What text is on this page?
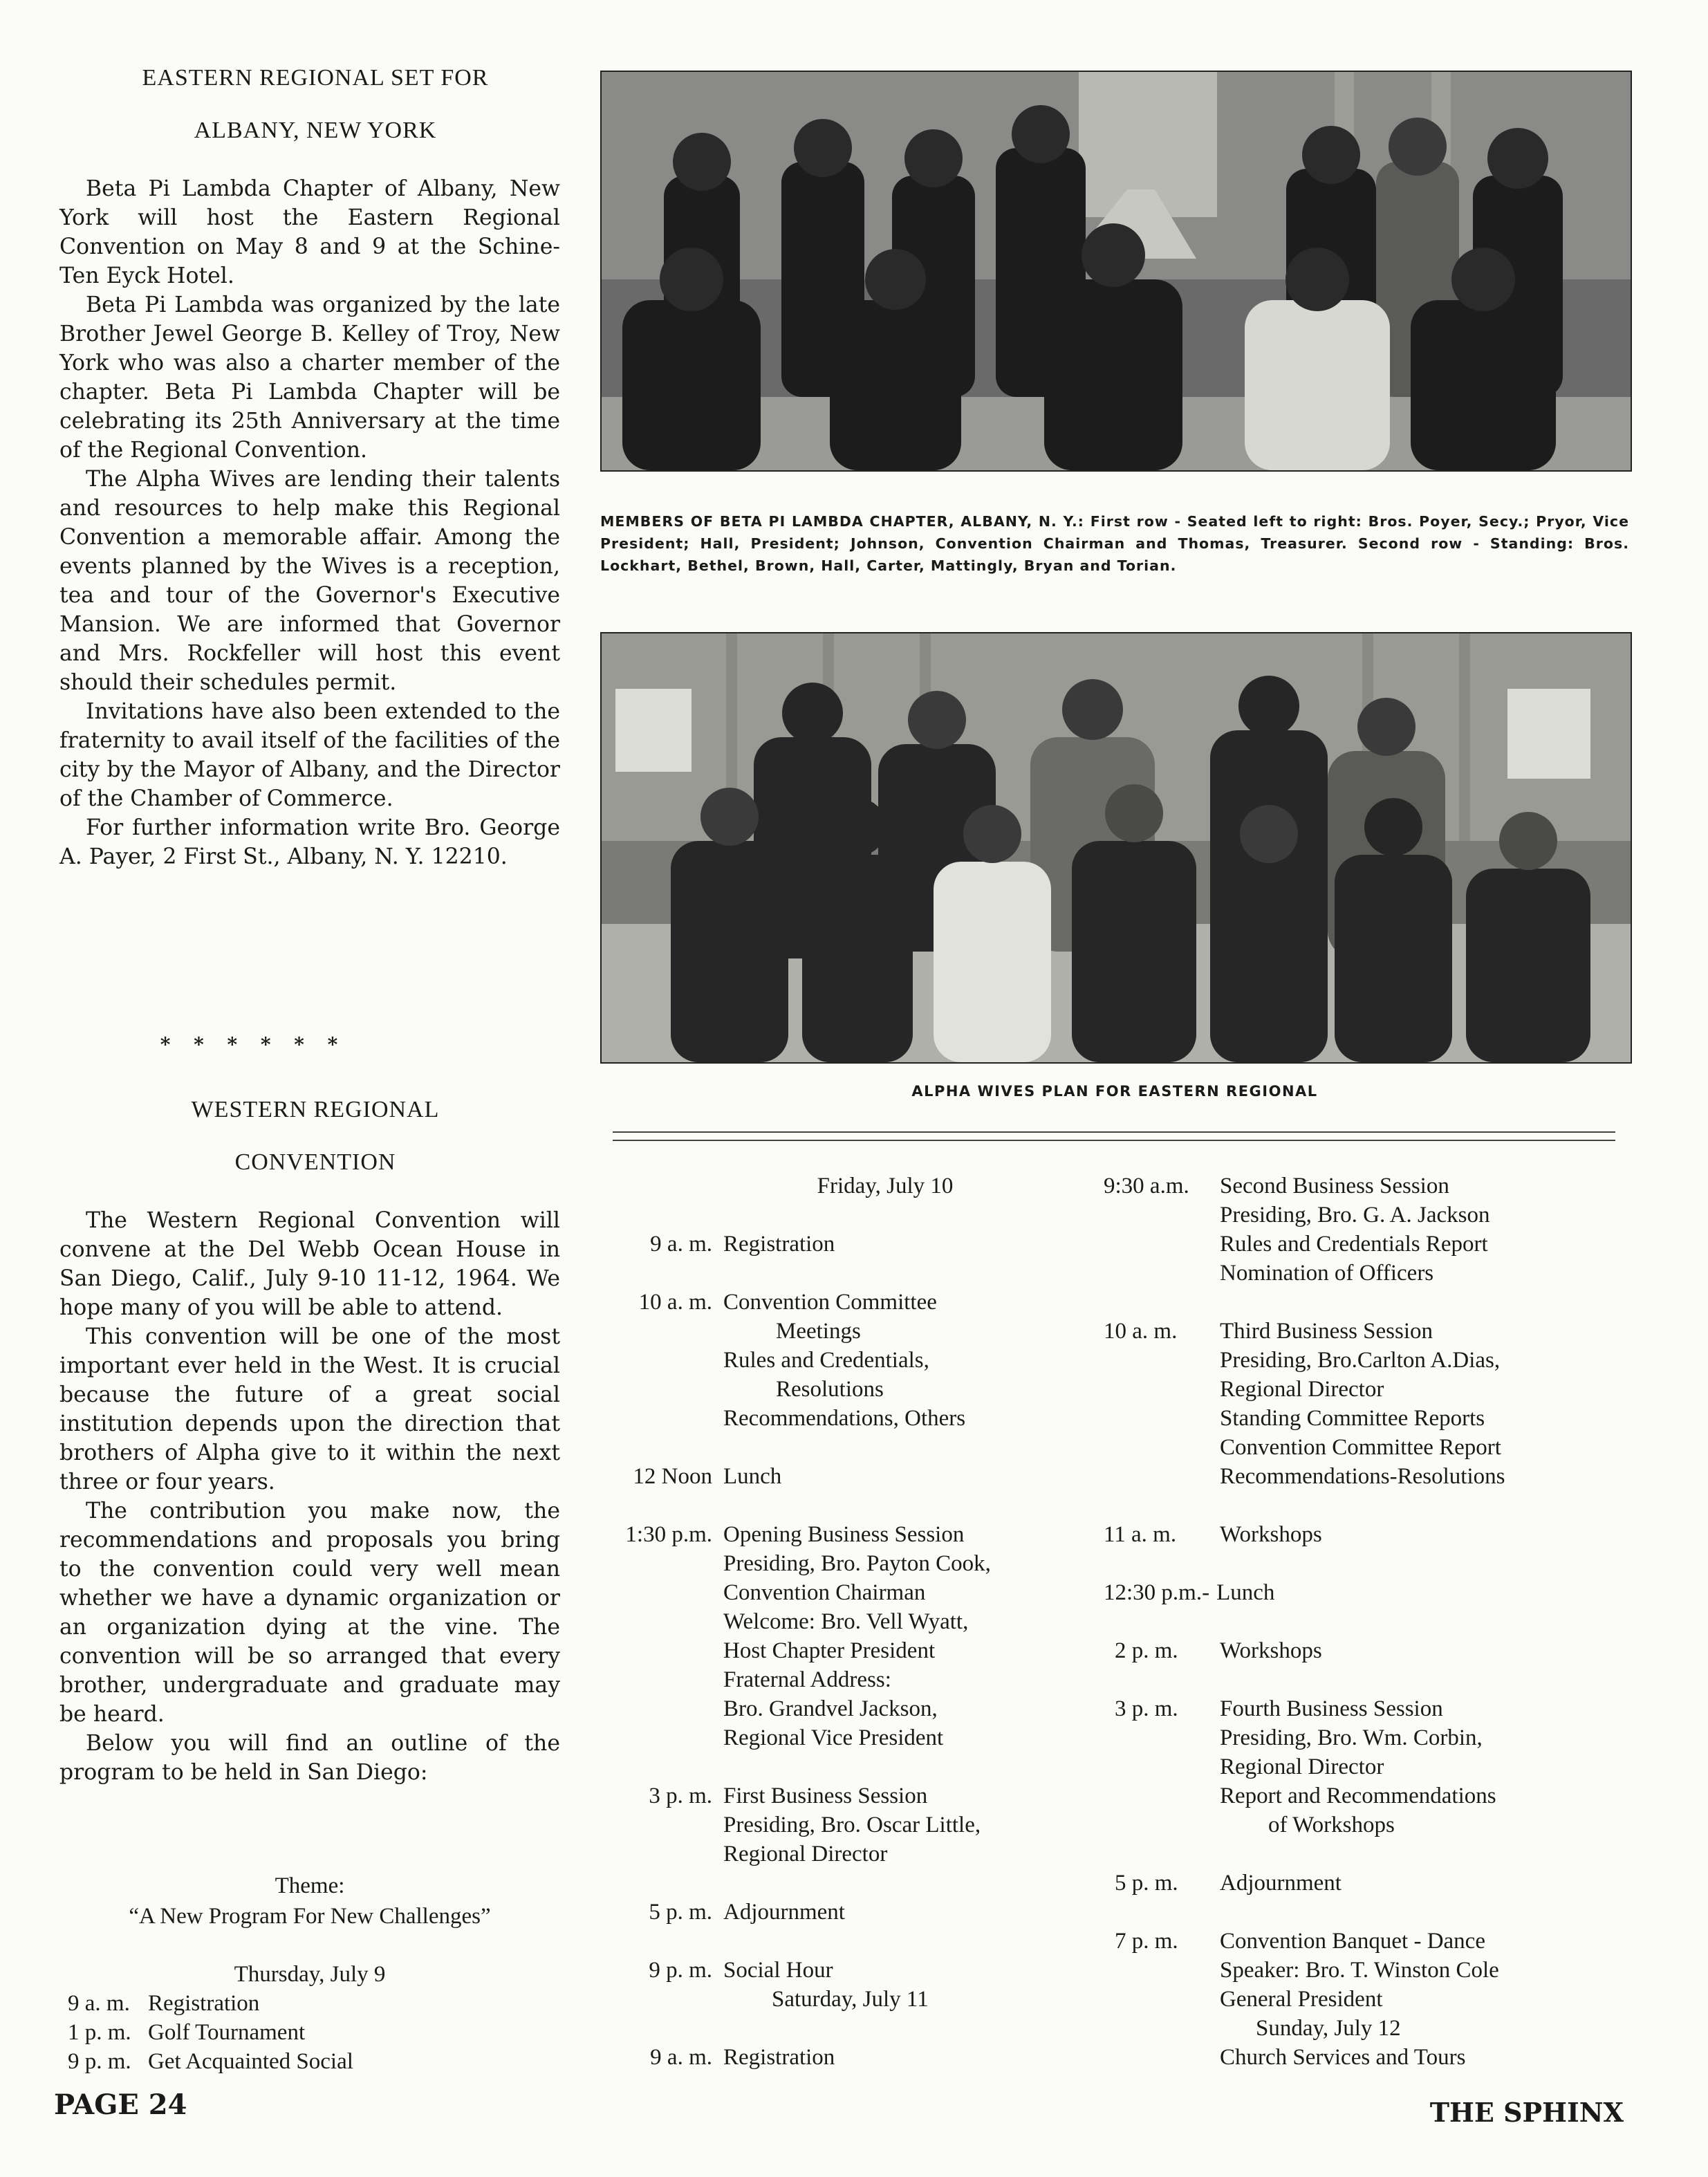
EASTERN REGIONAL SET FOR
ALBANY, NEW YORK

Beta Pi Lambda Chapter of Albany, New York will host the Eastern Regional Convention on May 8 and 9 at the Schine-Ten Eyck Hotel.

Beta Pi Lambda was organized by the late Brother Jewel George B. Kelley of Troy, New York who was also a charter member of the chapter. Beta Pi Lambda Chapter will be celebrating its 25th Anniversary at the time of the Regional Convention.

The Alpha Wives are lending their talents and resources to help make this Regional Convention a memorable affair. Among the events planned by the Wives is a reception, tea and tour of the Governor's Executive Mansion. We are informed that Governor and Mrs. Rockfeller will host this event should their schedules permit.

Invitations have also been extended to the fraternity to avail itself of the facilities of the city by the Mayor of Albany, and the Director of the Chamber of Commerce.

For further information write Bro. George A. Payer, 2 First St., Albany, N. Y. 12210.

* * * * * *
WESTERN REGIONAL
CONVENTION

The Western Regional Convention will convene at the Del Webb Ocean House in San Diego, Calif., July 9-10 11-12, 1964. We hope many of you will be able to attend.

This convention will be one of the most important ever held in the West. It is crucial because the future of a great social institution depends upon the direction that brothers of Alpha give to it within the next three or four years.

The contribution you make now, the recommendations and proposals you bring to the convention could very well mean whether we have a dynamic organization or an organization dying at the vine. The convention will be so arranged that every brother, undergraduate and graduate may be heard.

Below you will find an outline of the program to be held in San Diego:

Theme:
“A New Program For New Challenges”
Thursday, July 9
9 a. m. Registration
1 p. m. Golf Tournament
9 p. m. Get Acquainted Social
MEMBERS OF BETA PI LAMBDA CHAPTER, ALBANY, N. Y.: First row - Seated left to right: Bros. Poyer, Secy.; Pryor, Vice President; Hall, President; Johnson, Convention Chairman and Thomas, Treasurer. Second row - Standing: Bros. Lockhart, Bethel, Brown, Hall, Carter, Mattingly, Bryan and Torian.
ALPHA WIVES PLAN FOR EASTERN REGIONAL
Friday, July 10
9 a. m. Registration
10 a. m. Convention Committee
Meetings
Rules and Credentials,
Resolutions
Recommendations, Others
12 Noon Lunch
1:30 p.m. Opening Business Session
Presiding, Bro. Payton Cook,
Convention Chairman
Welcome: Bro. Vell Wyatt,
Host Chapter President
Fraternal Address:
Bro. Grandvel Jackson,
Regional Vice President
3 p. m. First Business Session
Presiding, Bro. Oscar Little,
Regional Director
5 p. m. Adjournment
9 p. m. Social Hour
Saturday, July 11
9 a. m. Registration
9:30 a.m.	Second Business Session
Presiding, Bro. G. A. Jackson
Rules and Credentials Report
Nomination of Officers
10 a. m.	Third Business Session
Presiding, Bro.Carlton A.Dias,
Regional Director
Standing Committee Reports
Convention Committee Report
Recommendations-Resolutions
11 a. m.	Workshops
12:30 p.m.- Lunch
2 p. m.	Workshops
3 p. m.	Fourth Business Session
Presiding, Bro. Wm. Corbin,
Regional Director
Report and Recommendations
of Workshops
5 p. m.	Adjournment
7 p. m.	Convention Banquet - Dance
Speaker: Bro. T. Winston Cole
General President
Sunday, July 12
Church Services and Tours
PAGE 24	THE SPHINX
